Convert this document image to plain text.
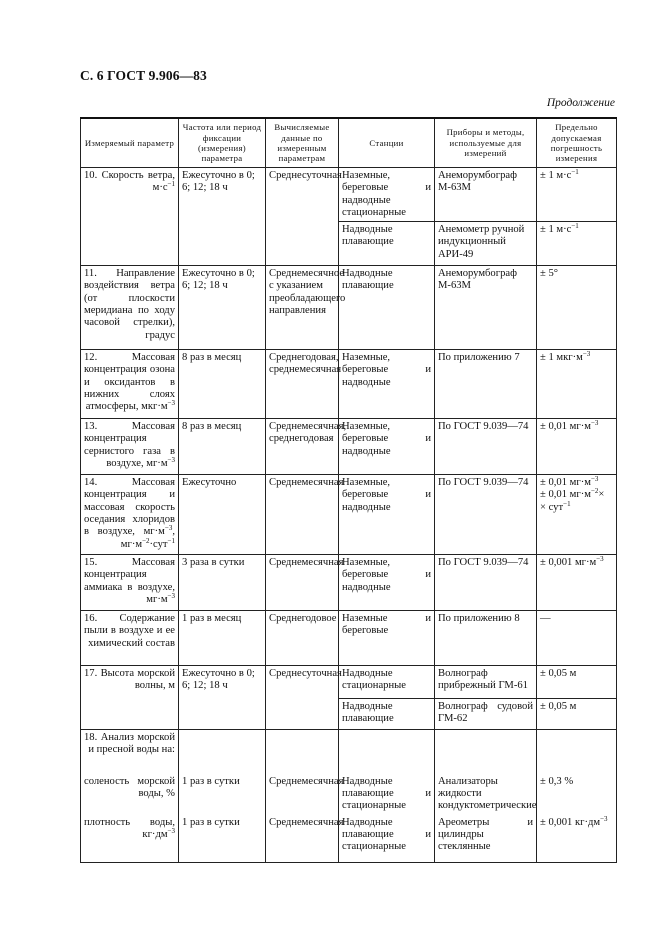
С. 6 ГОСТ 9.906—83
Продолжение
Измеряемый параметр	Частота или период фиксации (измерения) параметра	Вычисляемые данные по измеренным параметрам	Станции	Приборы и методы, используемые для измерений	Предельно допускаемая погрешность измерения

10. Скорость ветра, $м\cdot с^{-1}$	Ежесуточно в 0; 6; 12; 18 ч	Среднесуточная	Наземные, береговые и надводные стационарные	Анеморумбограф М-63М	± 1 $м\cdot с^{-1}$
			Надводные плавающие	Анемометр ручной индукционный АРИ-49	± 1 $м\cdot с^{-1}$

11. Направление воздействия ветра (от плоскости меридиана по ходу часовой стрелки), градус	Ежесуточно в 0; 6; 12; 18 ч	Среднемесячное с указанием преобладающего направления	Надводные плавающие	Анеморумбограф М-63М	± 5°

12. Массовая концентрация озона и оксидантов в нижних слоях атмосферы, $мкг\cdot м^{-3}$	8 раз в месяц	Среднегодовая, среднемесячная	Наземные, береговые и надводные	По приложению 7	± 1 $мкг\cdot м^{-3}$

13. Массовая концентрация сернистого газа в воздухе, $мг\cdot м^{-3}$	8 раз в месяц	Среднемесячная, среднегодовая	Наземные, береговые и надводные	По ГОСТ 9.039—74	± 0,01 $мг\cdot м^{-3}$

14. Массовая концентрация и массовая скорость оседания хлоридов в воздухе, $мг\cdot м^{-3}$, $мг\cdot м^{-2}\cdot сут^{-1}$	Ежесуточно	Среднемесячная	Наземные, береговые и надводные	По ГОСТ 9.039—74	± 0,01 $мг\cdot м^{-3}$
± 0,01 $мг\cdot м^{-2}\times$
× сут$^{-1}$

15. Массовая концентрация аммиака в воздухе, $мг\cdot м^{-3}$	3 раза в сутки	Среднемесячная	Наземные, береговые и надводные	По ГОСТ 9.039—74	± 0,001 $мг\cdot м^{-3}$

16. Содержание пыли в воздухе и ее химический состав	1 раз в месяц	Среднегодовое	Наземные и береговые	По приложению 8	—

17. Высота морской волны, м	Ежесуточно в 0; 6; 12; 18 ч	Среднесуточная	Надводные стационарные	Волнограф прибрежный ГМ-61	± 0,05 м
			Надводные плавающие	Волнограф судовой ГМ-62	± 0,05 м

18. Анализ морской и пресной воды на:					

соленость морской воды, %	1 раз в сутки	Среднемесячная	Надводные плавающие и стационарные	Анализаторы жидкости кондуктометрические	± 0,3 %

плотность воды, $кг\cdot дм^{-3}$	1 раз в сутки	Среднемесячная	Надводные плавающие и стационарные	Ареометры и цилиндры стеклянные	± 0,001 $кг\cdot дм^{-3}$
